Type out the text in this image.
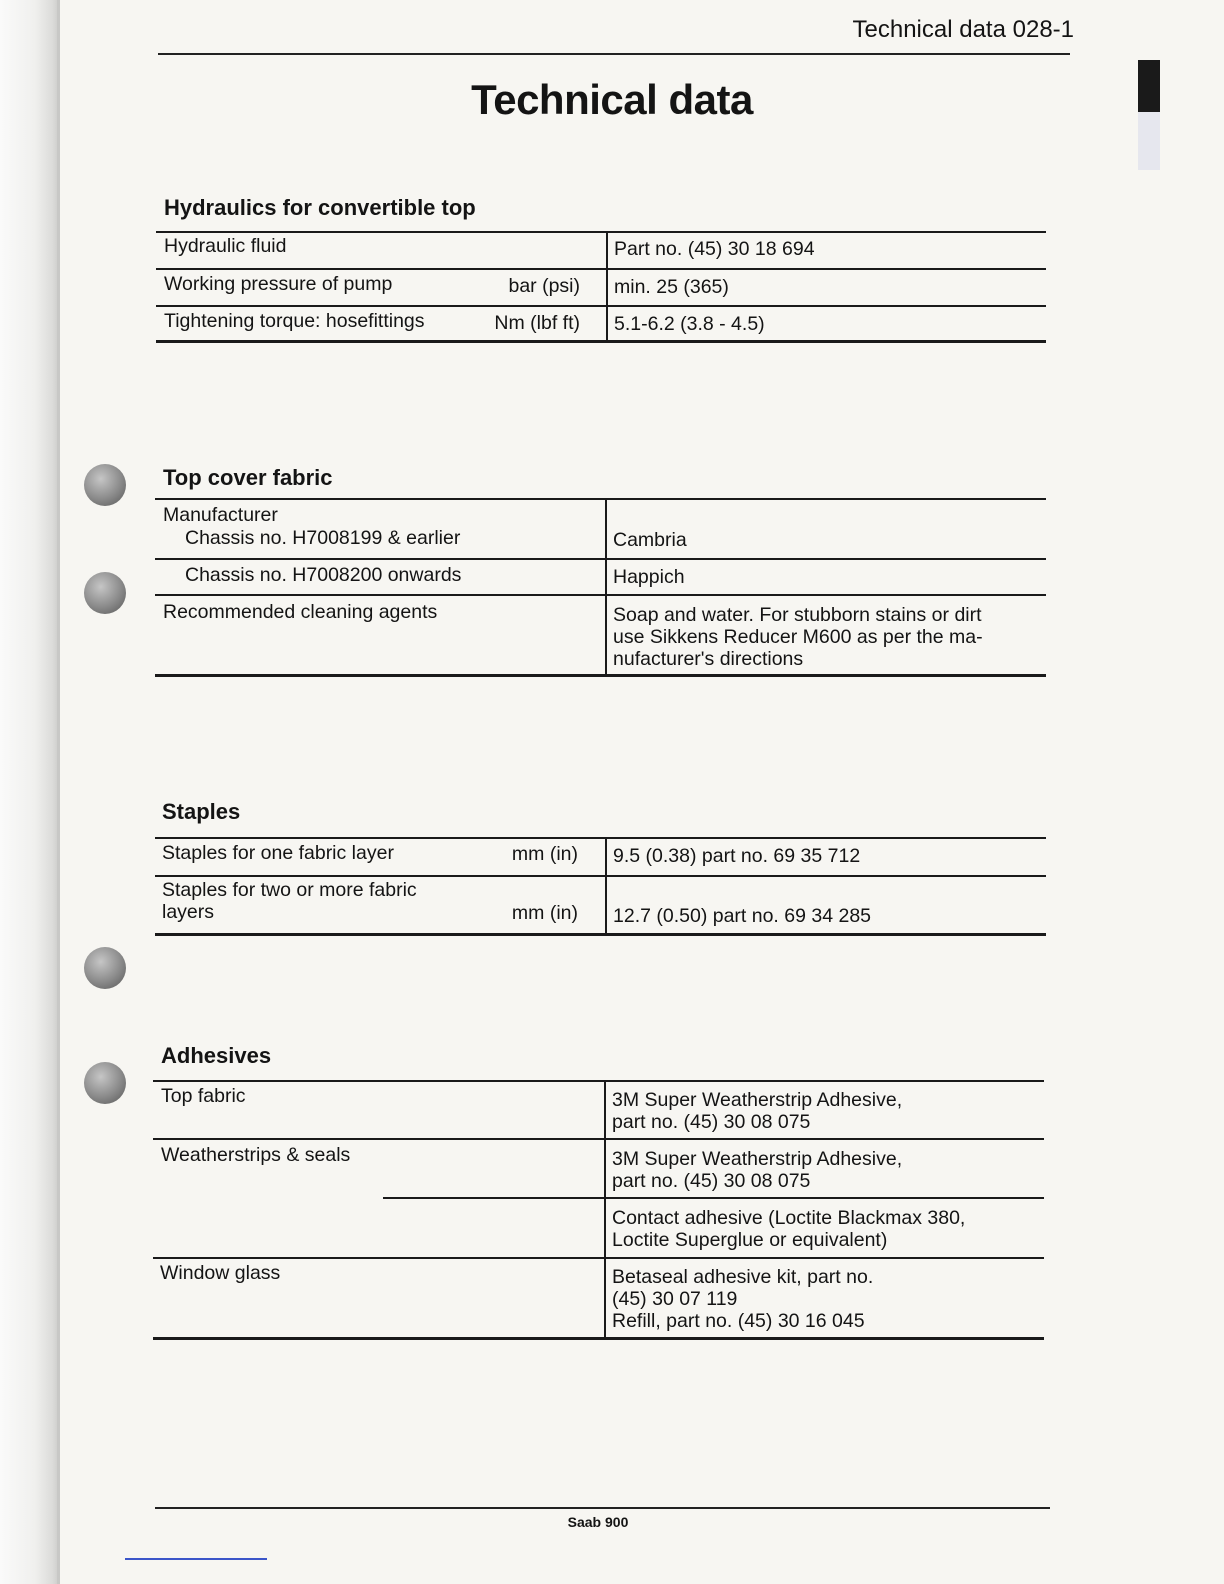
Technical data 028-1
Technical data
Hydraulics for convertible top
Hydraulic fluid	Part no. (45) 30 18 694
Working pressure of pump	bar (psi) min. 25 (365)
Tightening torque: hosefittings	Nm (lbf ft) 5.1-6.2 (3.8 - 4.5)
Top cover fabric
Manufacturer
Chassis no. H7008199 & earlier	Cambria
Chassis no. H7008200 onwards	Happich
Recommended cleaning agents	Soap and water. For stubborn stains or dirt
use Sikkens Reducer M600 as per the ma-
nufacturer's directions
Staples
Staples for one fabric layer	mm (in) 9.5 (0.38) part no. 69 35 712
Staples for two or more fabric
layers	mm (in) 12.7 (0.50) part no. 69 34 285
Adhesives
Top fabric	3M Super Weatherstrip Adhesive,
part no. (45) 30 08 075
Weatherstrips & seals	3M Super Weatherstrip Adhesive,
part no. (45) 30 08 075
Contact adhesive (Loctite Blackmax 380,
Loctite Superglue or equivalent)
Window glass	Betaseal adhesive kit, part no.
(45) 30 07 119
Refill, part no. (45) 30 16 045
Saab 900
